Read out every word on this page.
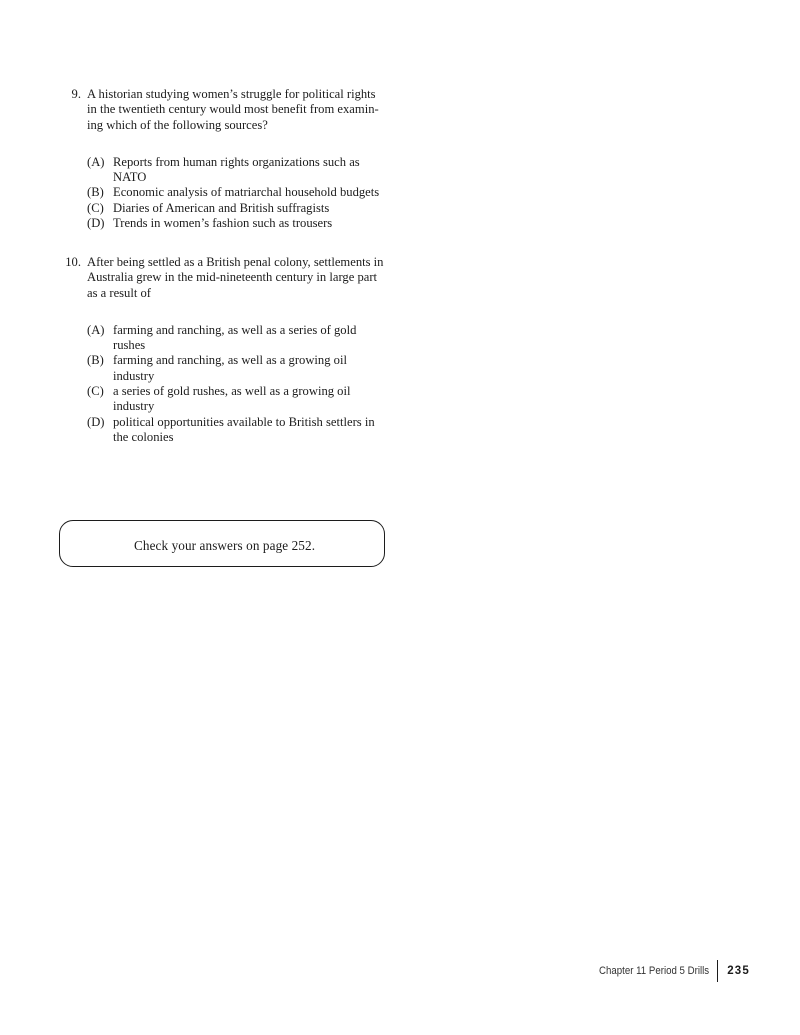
9. A historian studying women’s struggle for political rights
in the twentieth century would most benefit from examin-
ing which of the following sources?
(A) Reports from human rights organizations such as
NATO
(B) Economic analysis of matriarchal household budgets
(C) Diaries of American and British suffragists
(D) Trends in women’s fashion such as trousers
10. After being settled as a British penal colony, settlements in
Australia grew in the mid-nineteenth century in large part
as a result of
(A) farming and ranching, as well as a series of gold
rushes
(B) farming and ranching, as well as a growing oil
industry
(C) a series of gold rushes, as well as a growing oil
industry
(D) political opportunities available to British settlers in
the colonies
Check your answers on page 252.
Chapter 11 Period 5 Drills 235
